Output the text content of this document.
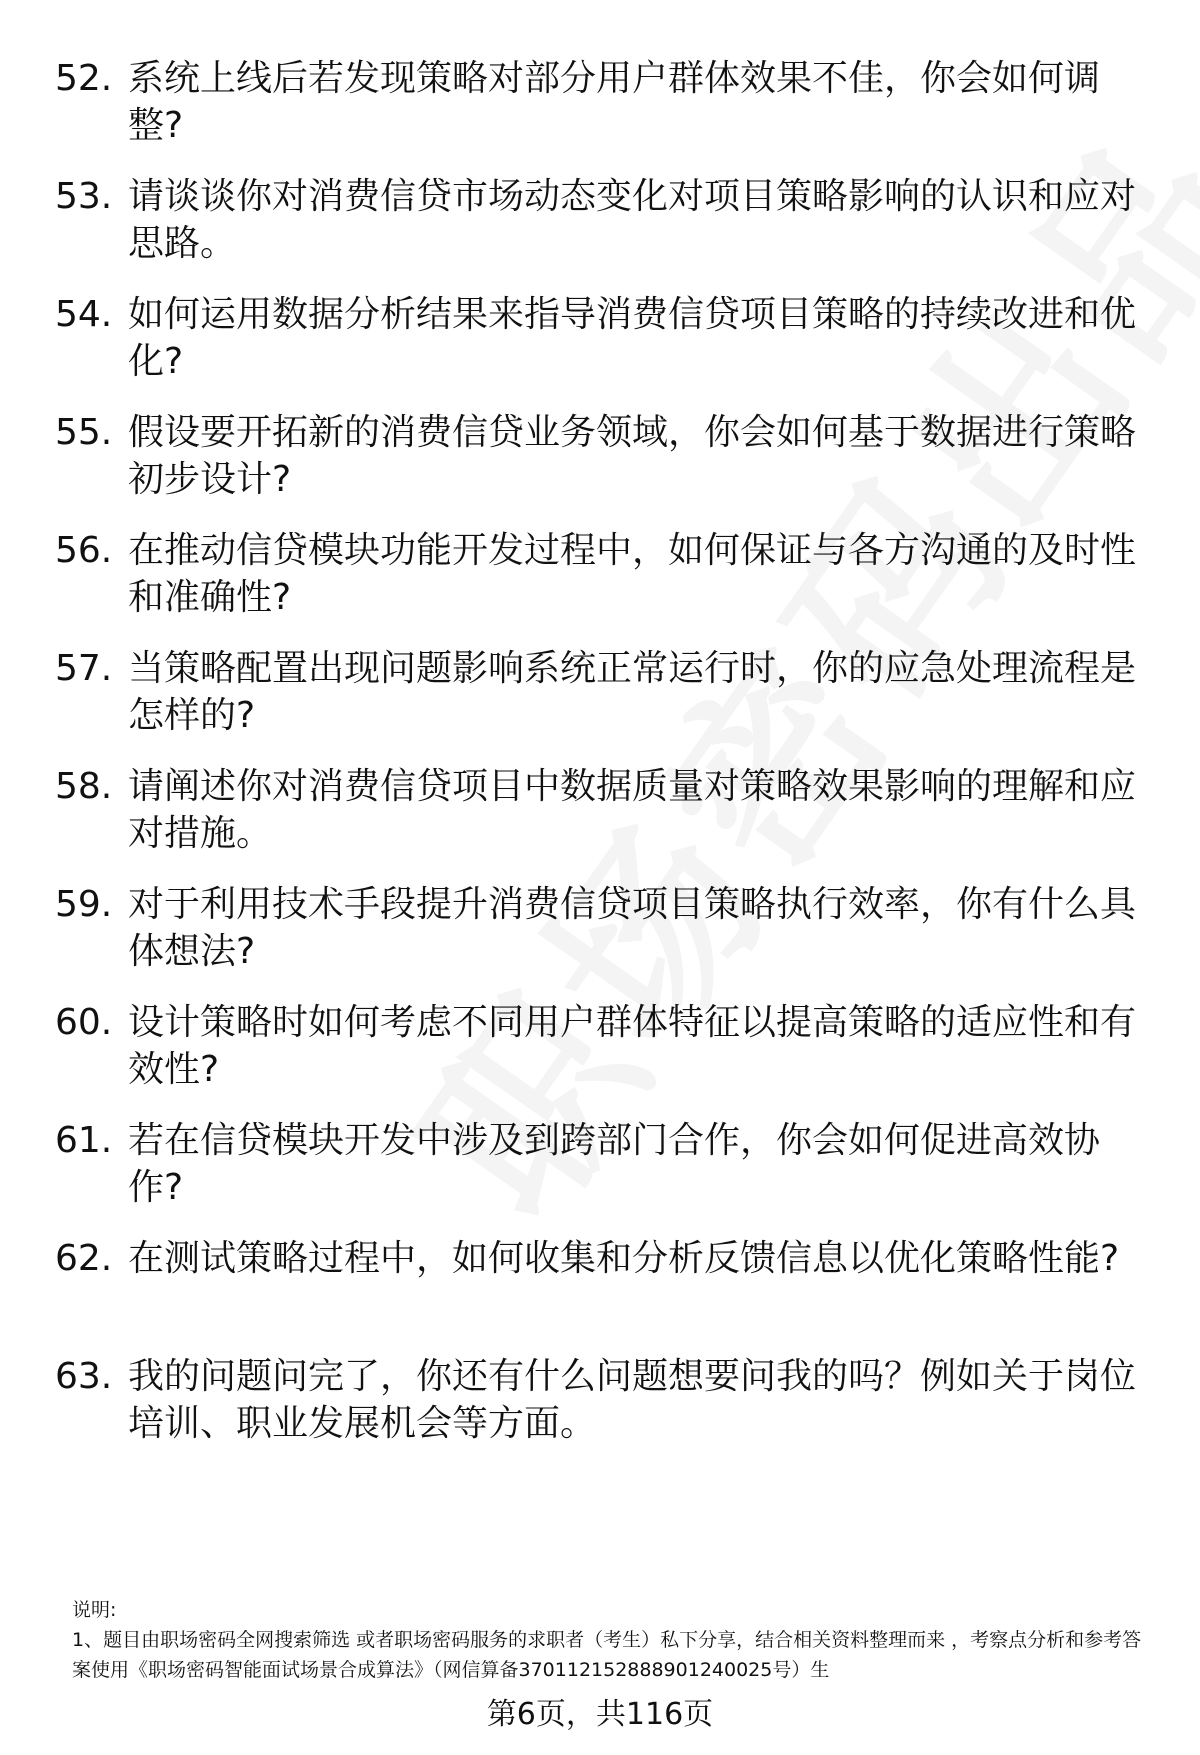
52. 系统上线后若发现策略对部分用户群体效果不佳，你会如何调整?
53. 请谈谈你对消费信贷市场动态变化对项目策略影响的认识和应对思路。
54. 如何运用数据分析结果来指导消费信贷项目策略的持续改进和优化?
55. 假设要开拓新的消费信贷业务领域，你会如何基于数据进行策略初步设计?
56. 在推动信贷模块功能开发过程中，如何保证与各方沟通的及时性和准确性?
57. 当策略配置出现问题影响系统正常运行时，你的应急处理流程是怎样的?
58. 请阐述你对消费信贷项目中数据质量对策略效果影响的理解和应对措施。
59. 对于利用技术手段提升消费信贷项目策略执行效率，你有什么具体想法?
60. 设计策略时如何考虑不同用户群体特征以提高策略的适应性和有效性?
61. 若在信贷模块开发中涉及到跨部门合作，你会如何促进高效协作?
62. 在测试策略过程中，如何收集和分析反馈信息以优化策略性能?
63. 我的问题问完了，你还有什么问题想要问我的吗？例如关于岗位培训、职业发展机会等方面。
说明:
1、题目由职场密码全网搜索筛选 或者职场密码服务的求职者（考生）私下分享，结合相关资料整理而来 ，考察点分析和参考答案使用《职场密码智能面试场景合成算法》（网信算备370112152888901240025号）生
第6页，共116页
